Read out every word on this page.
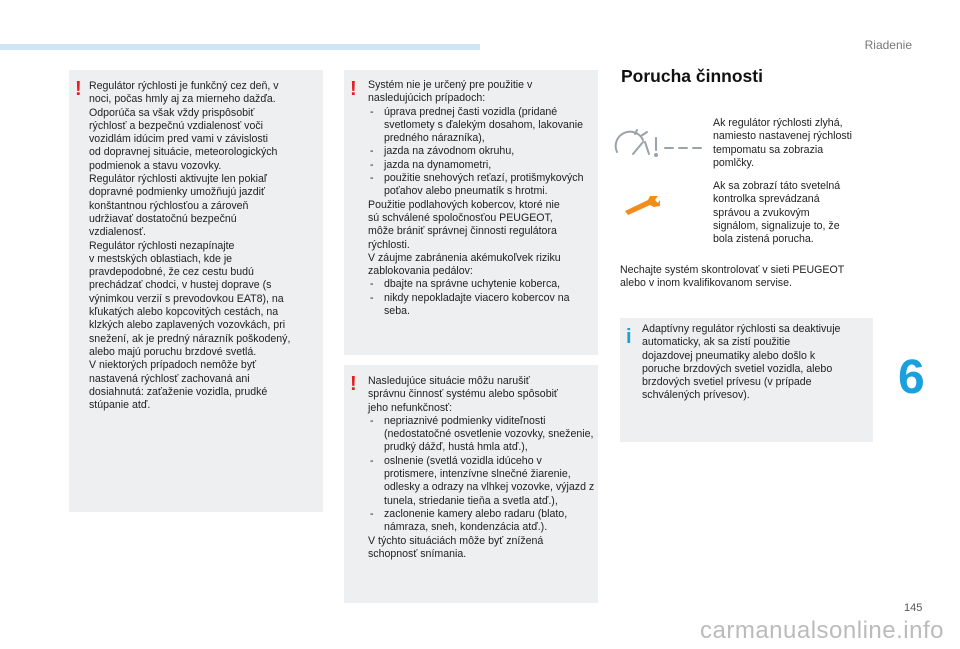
Riadenie
! Regulátor rýchlosti je funkčný cez deň, v

noci, počas hmly aj za mierneho dažďa.

Odporúča sa však vždy prispôsobiť

rýchlosť a bezpečnú vzdialenosť voči

vozidlám idúcim pred vami v závislosti

od dopravnej situácie, meteorologických

podmienok a stavu vozovky.

Regulátor rýchlosti aktivujte len pokiaľ

dopravné podmienky umožňujú jazdiť

konštantnou rýchlosťou a zároveň

udržiavať dostatočnú bezpečnú

vzdialenosť.

Regulátor rýchlosti nezapínajte

v mestských oblastiach, kde je

pravdepodobné, že cez cestu budú

prechádzať chodci, v hustej doprave (s

výnimkou verzií s prevodovkou EAT8), na

kľukatých alebo kopcovitých cestách, na

klzkých alebo zaplavených vozovkách, pri

snežení, ak je predný nárazník poškodený,

alebo majú poruchu brzdové svetlá.

V niektorých prípadoch nemôže byť

nastavená rýchlosť zachovaná ani

dosiahnutá: zaťaženie vozidla, prudké

stúpanie atď.

! Systém nie je určený pre použitie v

nasledujúcich prípadoch:

- úprava prednej časti vozidla (pridané svetlomety s ďalekým dosahom, lakovanie predného nárazníka),
- jazda na závodnom okruhu,
- jazda na dynamometri,
- použitie snehových reťazí, protišmykových poťahov alebo pneumatík s hrotmi.

Použitie podlahových kobercov, ktoré nie

sú schválené spoločnosťou PEUGEOT,

môže brániť správnej činnosti regulátora

rýchlosti.

V záujme zabránenia akémukoľvek riziku

zablokovania pedálov:

- dbajte na správne uchytenie koberca,
- nikdy nepokladajte viacero kobercov na seba.
! Nasledujúce situácie môžu narušiť

správnu činnosť systému alebo spôsobiť

jeho nefunkčnosť:

- nepriaznivé podmienky viditeľnosti (nedostatočné osvetlenie vozovky, sneženie, prudký dážď, hustá hmla atď.),
- oslnenie (svetlá vozidla idúceho v protismere, intenzívne slnečné žiarenie, odlesky a odrazy na vlhkej vozovke, výjazd z tunela, striedanie tieňa a svetla atď.),
- zaclonenie kamery alebo radaru (blato, námraza, sneh, kondenzácia atď.).

V týchto situáciách môže byť znížená

schopnosť snímania.

Porucha činnosti
Ak regulátor rýchlosti zlyhá,
namiesto nastavenej rýchlosti
tempomatu sa zobrazia
pomlčky.
Ak sa zobrazí táto svetelná
kontrolka sprevádzaná
správou a zvukovým
signálom, signalizuje to, že
bola zistená porucha.
Nechajte systém skontrolovať v sieti PEUGEOT
alebo v inom kvalifikovanom servise.
i Adaptívny regulátor rýchlosti sa deaktivuje

automaticky, ak sa zistí použitie

dojazdovej pneumatiky alebo došlo k

poruche brzdových svetiel vozidla, alebo

brzdových svetiel prívesu (v prípade

schválených prívesov).	6
145
carmanualsonline.info
